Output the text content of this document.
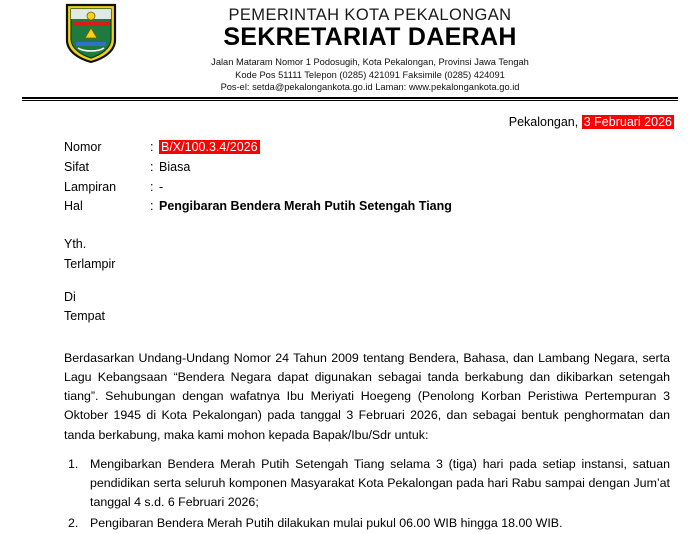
PEMERINTAH KOTA PEKALONGAN
SEKRETARIAT DAERAH
Jalan Mataram Nomor 1 Podosugih, Kota Pekalongan, Provinsi Jawa Tengah
Kode Pos 51111 Telepon (0285) 421091 Faksimile (0285) 424091
Pos-el: setda@pekalongankota.go.id Laman: www.pekalongankota.go.id
Pekalongan, 3 Februari 2026
Nomor	: B/X/100.3.4/2026
Sifat	: Biasa
Lampiran	: -
Hal	: Pengibaran Bendera Merah Putih Setengah Tiang
Yth.
Terlampir
Di
Tempat
Berdasarkan Undang-Undang Nomor 24 Tahun 2009 tentang Bendera, Bahasa, dan Lambang Negara, serta Lagu Kebangsaan “Bendera Negara dapat digunakan sebagai tanda berkabung dan dikibarkan setengah tiang”. Sehubungan dengan wafatnya Ibu Meriyati Hoegeng (Penolong Korban Peristiwa Pertempuran 3 Oktober 1945 di Kota Pekalongan) pada tanggal 3 Februari 2026, dan sebagai bentuk penghormatan dan tanda berkabung, maka kami mohon kepada Bapak/Ibu/Sdr untuk:
1. Mengibarkan Bendera Merah Putih Setengah Tiang selama 3 (tiga) hari pada setiap instansi, satuan pendidikan serta seluruh komponen Masyarakat Kota Pekalongan pada hari Rabu sampai dengan Jum’at tanggal 4 s.d. 6 Februari 2026;
2. Pengibaran Bendera Merah Putih dilakukan mulai pukul 06.00 WIB hingga 18.00 WIB.
